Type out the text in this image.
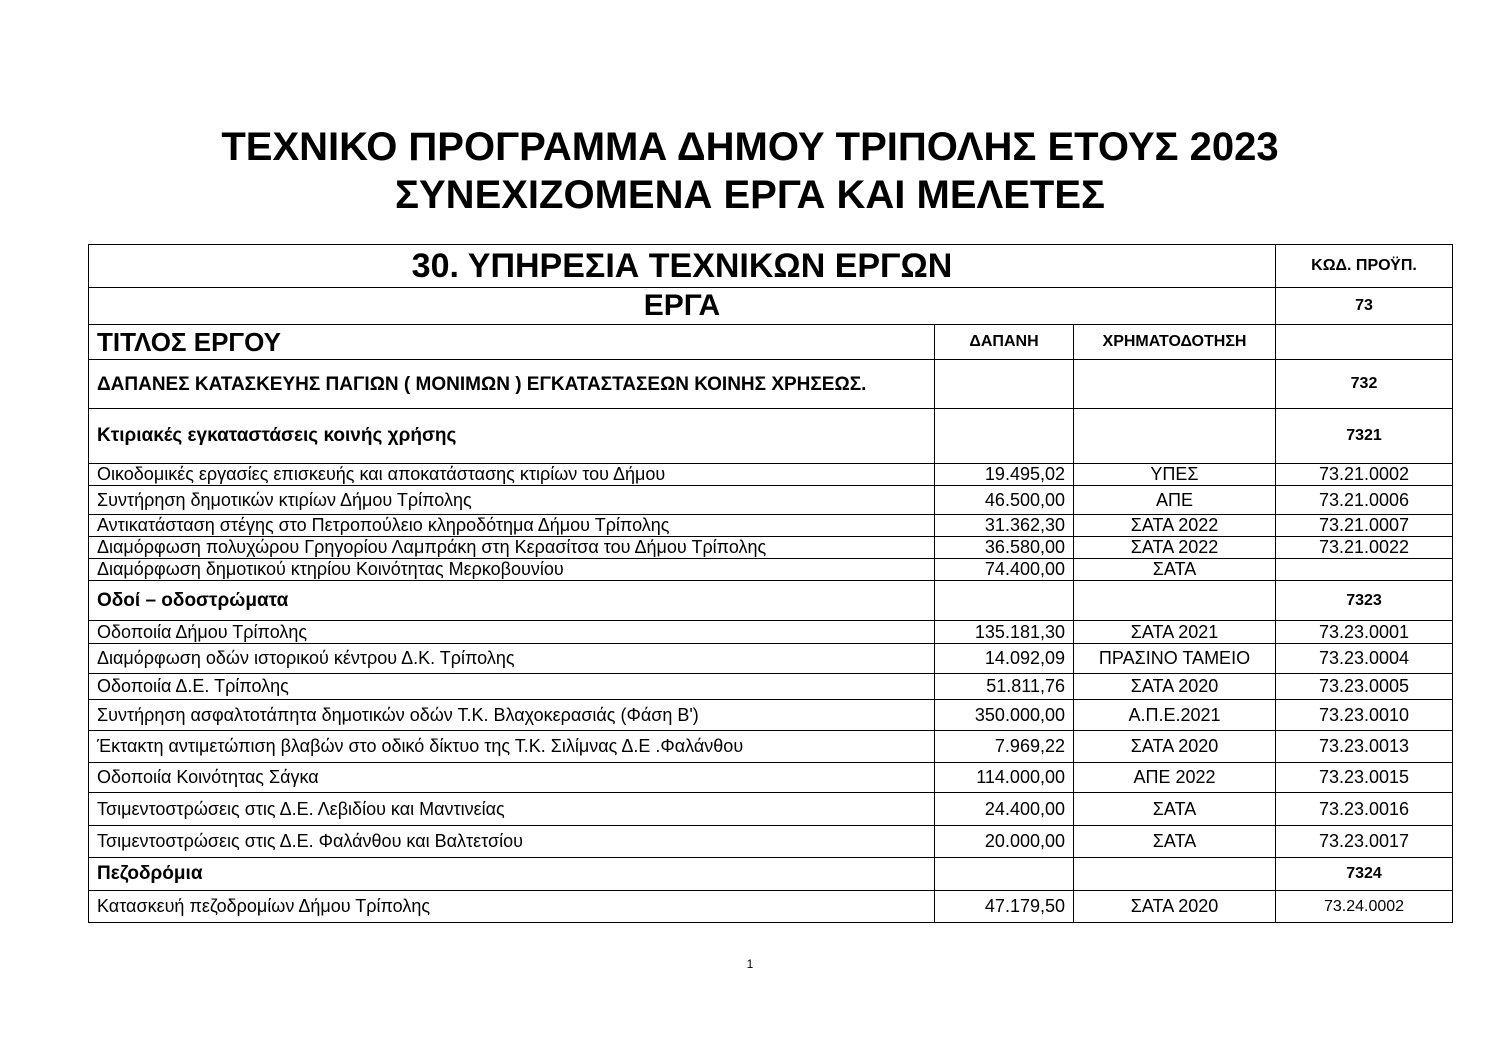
ΤΕΧΝΙΚΟ ΠΡΟΓΡΑΜΜΑ ΔΗΜΟΥ ΤΡΙΠΟΛΗΣ ΕΤΟΥΣ 2023
ΣΥΝΕΧΙΖΟΜΕΝΑ ΕΡΓΑ ΚΑΙ ΜΕΛΕΤΕΣ
30. ΥΠΗΡΕΣΙΑ ΤΕΧΝΙΚΩΝ ΕΡΓΩΝ			ΚΩΔ. ΠΡΟΫΠ.
ΕΡΓΑ			73
ΤΙΤΛΟΣ ΕΡΓΟΥ	ΔΑΠΑΝΗ	ΧΡΗΜΑΤΟΔΟΤΗΣΗ	
ΔΑΠΑΝΕΣ ΚΑΤΑΣΚΕΥΗΣ ΠΑΓΙΩΝ ( ΜΟΝΙΜΩΝ ) ΕΓΚΑΤΑΣΤΑΣΕΩΝ ΚΟΙΝΗΣ ΧΡΗΣΕΩΣ.			732
Κτιριακές εγκαταστάσεις κοινής χρήσης			7321
Οικοδομικές εργασίες επισκευής και αποκατάστασης κτιρίων του Δήμου	19.495,02	ΥΠΕΣ	73.21.0002
Συντήρηση δημοτικών κτιρίων Δήμου Τρίπολης	46.500,00	ΑΠΕ	73.21.0006
Αντικατάσταση στέγης στο Πετροπούλειο κληροδότημα Δήμου Τρίπολης	31.362,30	ΣΑΤΑ 2022	73.21.0007
Διαμόρφωση πολυχώρου Γρηγορίου Λαμπράκη στη Κερασίτσα του Δήμου Τρίπολης	36.580,00	ΣΑΤΑ 2022	73.21.0022
Διαμόρφωση δημοτικού κτηρίου Κοινότητας Μερκοβουνίου	74.400,00	ΣΑΤΑ	
Οδοί – οδοστρώματα			7323
Οδοποιία Δήμου Τρίπολης	135.181,30	ΣΑΤΑ 2021	73.23.0001
Διαμόρφωση οδών ιστορικού κέντρου Δ.Κ. Τρίπολης	14.092,09	ΠΡΑΣΙΝΟ ΤΑΜΕΙΟ	73.23.0004
Οδοποιία Δ.Ε. Τρίπολης	51.811,76	ΣΑΤΑ 2020	73.23.0005
Συντήρηση ασφαλτοτάπητα δημοτικών οδών Τ.Κ. Βλαχοκερασιάς (Φάση Β')	350.000,00	Α.Π.Ε.2021	73.23.0010
Έκτακτη αντιμετώπιση βλαβών στο οδικό δίκτυο της Τ.Κ. Σιλίμνας Δ.Ε .Φαλάνθου	7.969,22	ΣΑΤΑ 2020	73.23.0013
Οδοποιία Κοινότητας Σάγκα	114.000,00	ΑΠΕ 2022	73.23.0015
Τσιμεντοστρώσεις στις Δ.Ε. Λεβιδίου και Μαντινείας	24.400,00	ΣΑΤΑ	73.23.0016
Τσιμεντοστρώσεις στις Δ.Ε. Φαλάνθου και Βαλτετσίου	20.000,00	ΣΑΤΑ	73.23.0017
Πεζοδρόμια			7324
Κατασκευή πεζοδρομίων Δήμου Τρίπολης	47.179,50	ΣΑΤΑ 2020	73.24.0002
1
